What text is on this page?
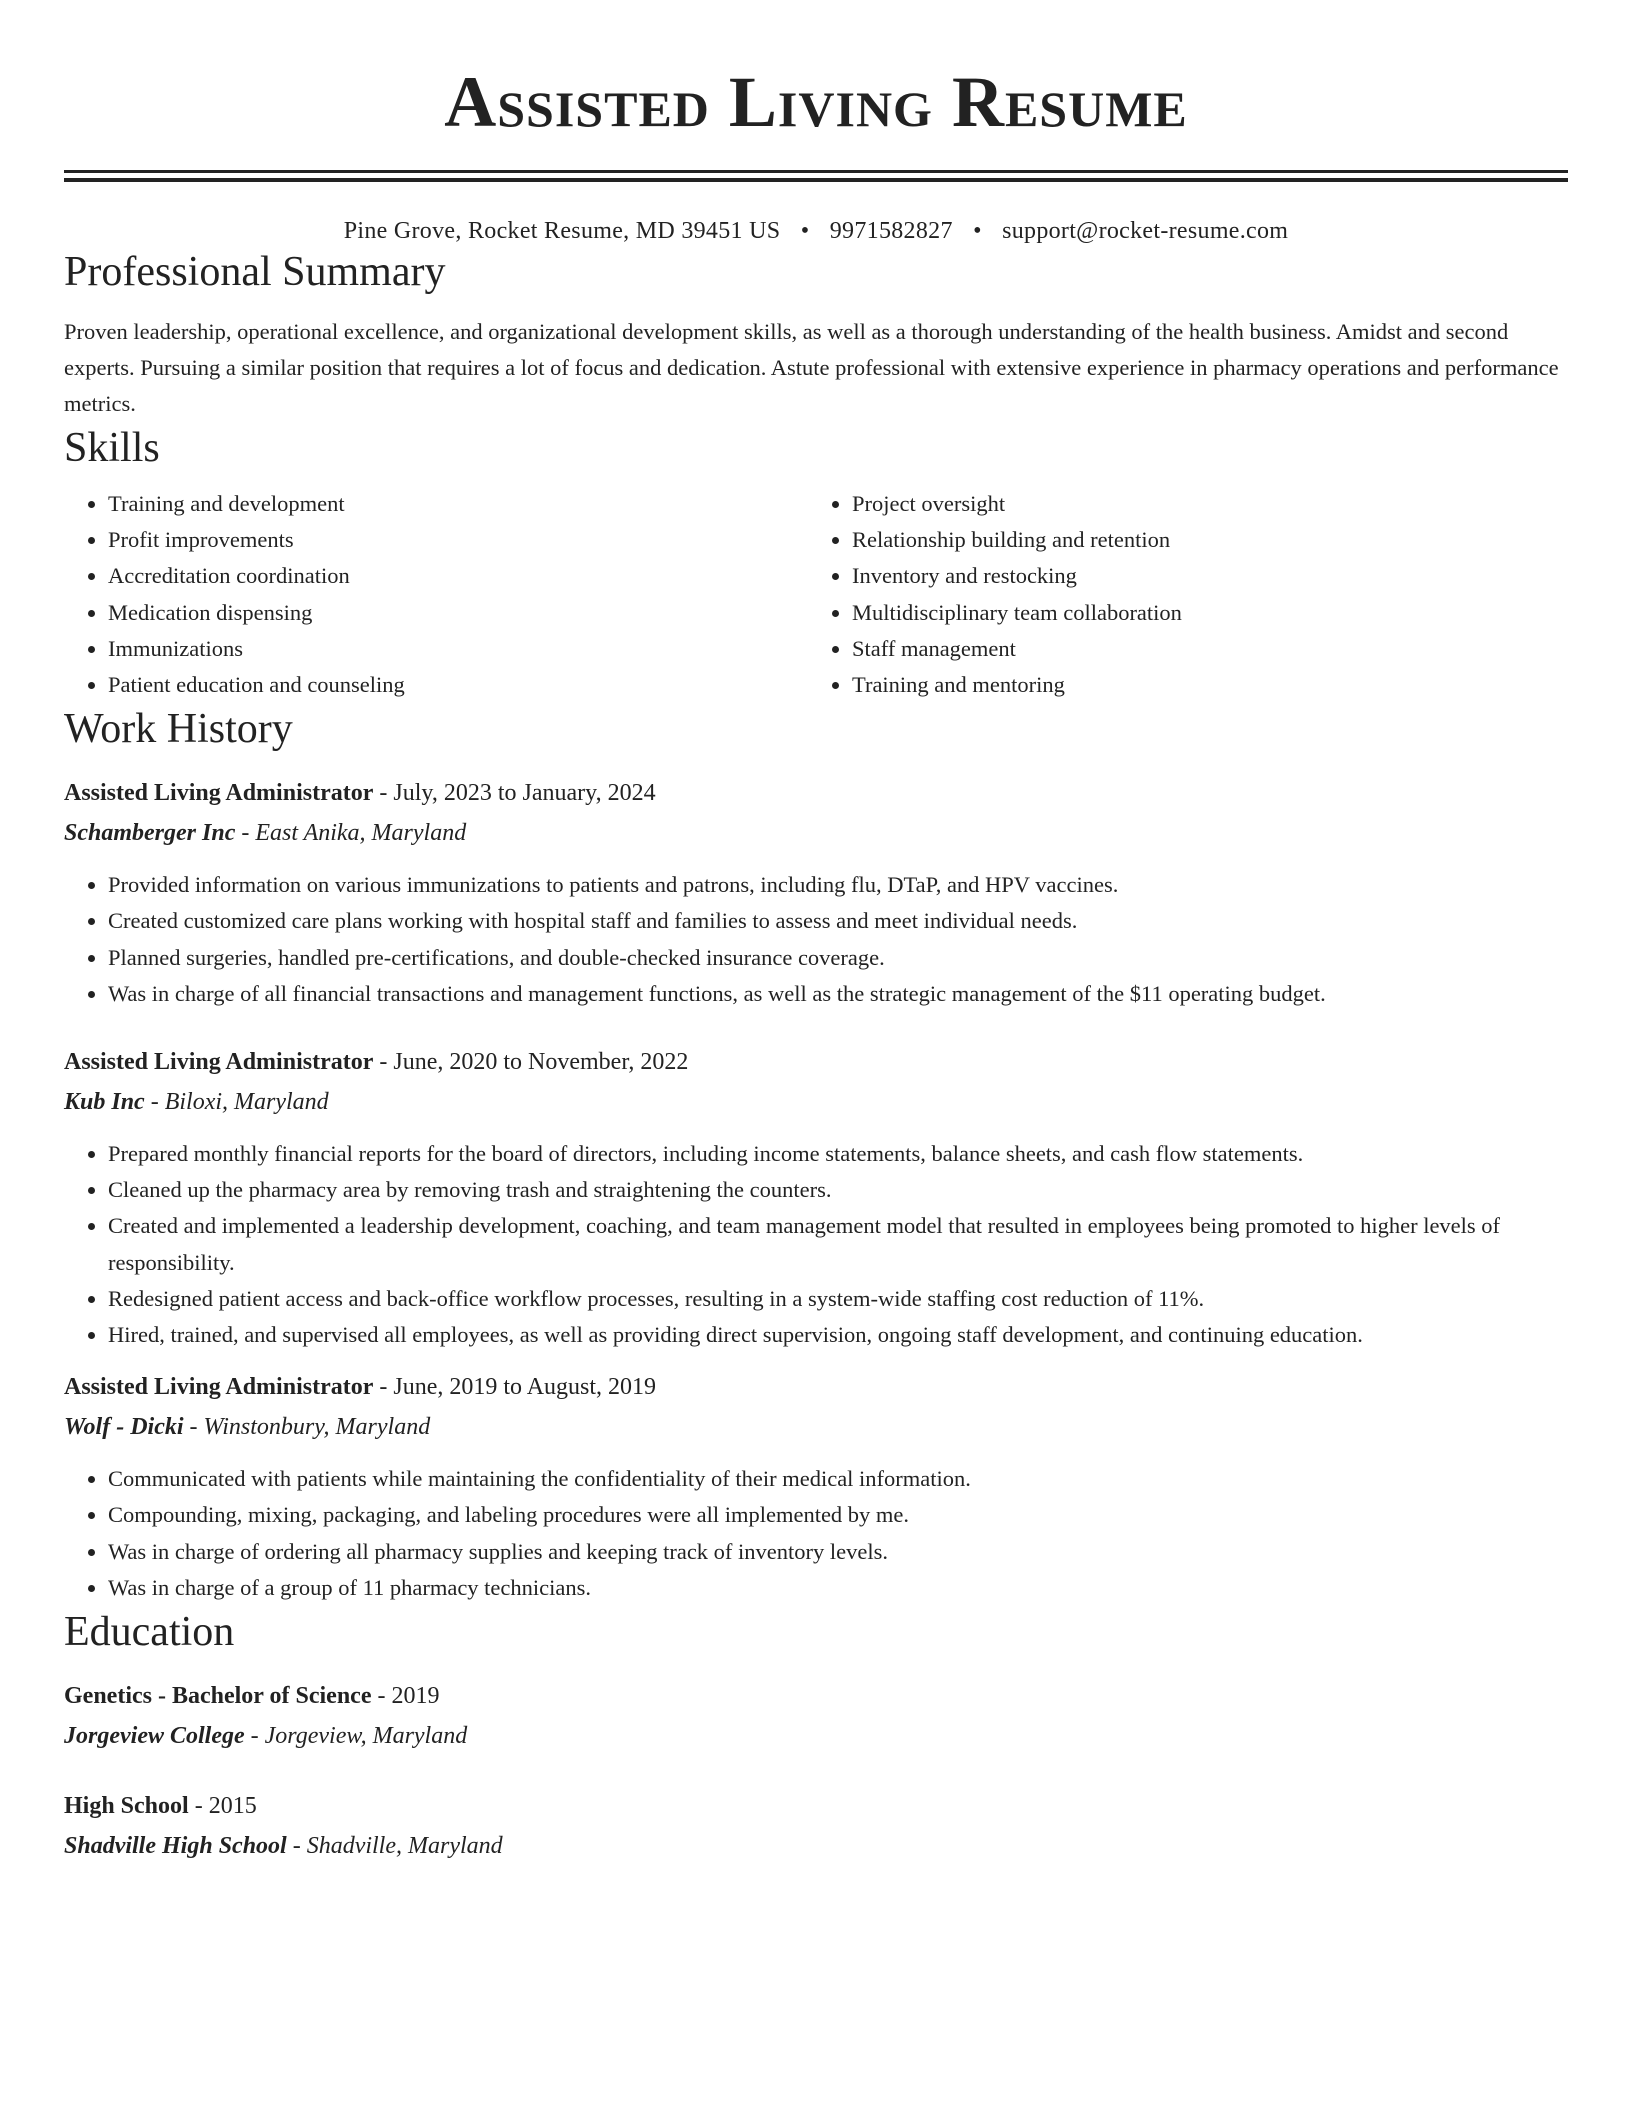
Assisted Living Resume
Pine Grove, Rocket Resume, MD 39451 US • 9971582827 • support@rocket-resume.com
Professional Summary

Proven leadership, operational excellence, and organizational development skills, as well as a thorough understanding of the health business. Amidst and second experts. Pursuing a similar position that requires a lot of focus and dedication. Astute professional with extensive experience in pharmacy operations and performance metrics.

Skills
• Training and development
• Profit improvements
• Accreditation coordination
• Medication dispensing
• Immunizations
• Patient education and counseling
• Project oversight
• Relationship building and retention
• Inventory and restocking
• Multidisciplinary team collaboration
• Staff management
• Training and mentoring
Work History
Assisted Living Administrator - July, 2023 to January, 2024
Schamberger Inc - East Anika, Maryland
• Provided information on various immunizations to patients and patrons, including flu, DTaP, and HPV vaccines.
• Created customized care plans working with hospital staff and families to assess and meet individual needs.
• Planned surgeries, handled pre-certifications, and double-checked insurance coverage.
• Was in charge of all financial transactions and management functions, as well as the strategic management of the $11 operating budget.
Assisted Living Administrator - June, 2020 to November, 2022
Kub Inc - Biloxi, Maryland
• Prepared monthly financial reports for the board of directors, including income statements, balance sheets, and cash flow statements.
• Cleaned up the pharmacy area by removing trash and straightening the counters.
• Created and implemented a leadership development, coaching, and team management model that resulted in employees being promoted to higher levels of responsibility.
• Redesigned patient access and back-office workflow processes, resulting in a system-wide staffing cost reduction of 11%.
• Hired, trained, and supervised all employees, as well as providing direct supervision, ongoing staff development, and continuing education.
Assisted Living Administrator - June, 2019 to August, 2019
Wolf - Dicki - Winstonbury, Maryland
• Communicated with patients while maintaining the confidentiality of their medical information.
• Compounding, mixing, packaging, and labeling procedures were all implemented by me.
• Was in charge of ordering all pharmacy supplies and keeping track of inventory levels.
• Was in charge of a group of 11 pharmacy technicians.
Education
Genetics - Bachelor of Science - 2019
Jorgeview College - Jorgeview, Maryland
High School - 2015
Shadville High School - Shadville, Maryland
